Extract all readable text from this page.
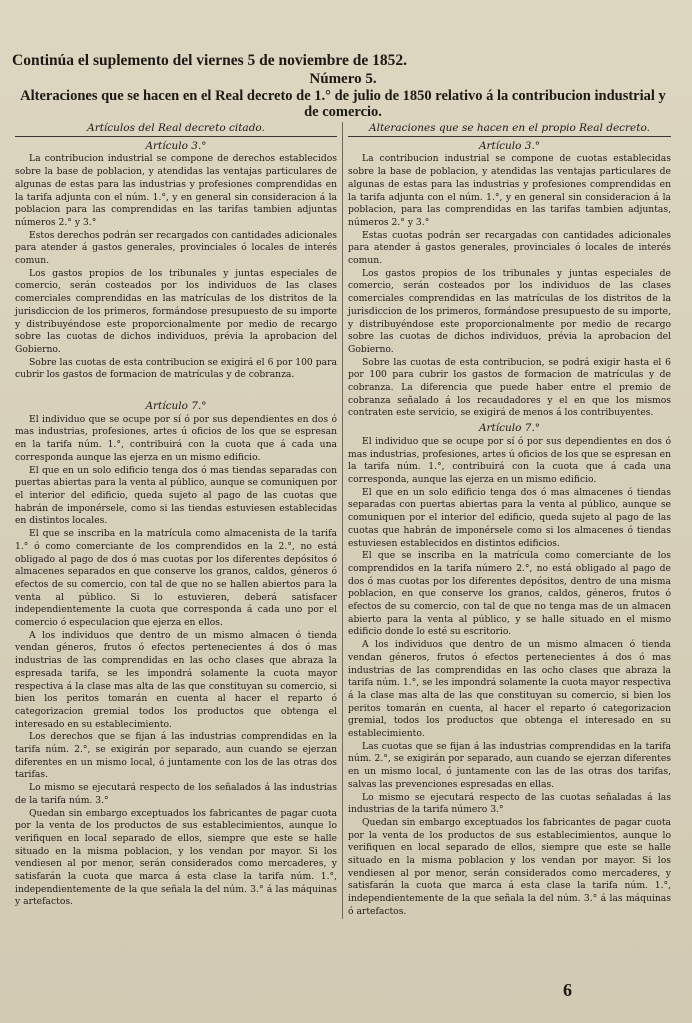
Continúa el suplemento del viernes 5 de noviembre de 1852.
Número 5.
Alteraciones que se hacen en el Real decreto de 1.° de julio de 1850 relativo á la contribucion industrial y de comercio.
Artículos del Real decreto citado.
Artículo 3.°

La contribucion industrial se compone de derechos establecidos sobre la base de poblacion, y atendidas las ventajas particulares de algunas de estas para las industrias y profesiones comprendidas en la tarifa adjunta con el núm. 1.°, y en general sin consideracion á la poblacion para las comprendidas en las tarifas tambien adjuntas números 2.° y 3.°

Estos derechos podrán ser recargados con cantidades adicionales para atender á gastos generales, provinciales ó locales de interés comun.

Los gastos propios de los tribunales y juntas especiales de comercio, serán costeados por los individuos de las clases comerciales comprendidas en las matrículas de los distritos de la jurisdiccion de los primeros, formándose presupuesto de su importe y distribuyéndose este proporcionalmente por medio de recargo sobre las cuotas de dichos individuos, prévia la aprobacion del Gobierno.

Sobre las cuotas de esta contribucion se exigirá el 6 por 100 para cubrir los gastos de formacion de matrículas y de cobranza.

Artículo 7.°

El individuo que se ocupe por sí ó por sus dependientes en dos ó mas industrias, profesiones, artes ú oficios de los que se espresan en la tarifa núm. 1.°, contribuirá con la cuota que á cada una corresponda aunque las ejerza en un mismo edificio.

El que en un solo edificio tenga dos ó mas tiendas separadas con puertas abiertas para la venta al público, aunque se comuniquen por el interior del edificio, queda sujeto al pago de las cuotas que habrán de imponérsele, como si las tiendas estuviesen establecidas en distintos locales.

El que se inscriba en la matrícula como almacenista de la tarifa 1.° ó como comerciante de los comprendidos en la 2.°, no está obligado al pago de dos ó mas cuotas por los diferentes depósitos ó almacenes separados en que conserve los granos, caldos, géneros ó efectos de su comercio, con tal de que no se hallen abiertos para la venta al público. Si lo estuvieren, deberá satisfacer independientemente la cuota que corresponda á cada uno por el comercio ó especulacion que ejerza en ellos.

A los individuos que dentro de un mismo almacen ó tienda vendan géneros, frutos ó efectos pertenecientes á dos ó mas industrias de las comprendidas en las ocho clases que abraza la espresada tarifa, se les impondrá solamente la cuota mayor respectiva á la clase mas alta de las que constituyan su comercio, si bien los peritos tomarán en cuenta al hacer el reparto ó categorizacion gremial todos los productos que obtenga el interesado en su establecimiento.

Los derechos que se fijan á las industrias comprendidas en la tarifa núm. 2.°, se exigirán por separado, aun cuando se ejerzan diferentes en un mismo local, ó juntamente con los de las otras dos tarifas.

Lo mismo se ejecutará respecto de los señalados á las industrias de la tarifa núm. 3.°

Quedan sin embargo exceptuados los fabricantes de pagar cuota por la venta de los productos de sus establecimientos, aunque lo verifiquen en local separado de ellos, siempre que este se halle situado en la misma poblacion, y los vendan por mayor. Si los vendiesen al por menor, serán considerados como mercaderes, y satisfarán la cuota que marca á esta clase la tarifa núm. 1.°, independientemente de la que señala la del núm. 3.° á las máquinas y artefactos.

Alteraciones que se hacen en el propio Real decreto.
Artículo 3.°

La contribucion industrial se compone de cuotas establecidas sobre la base de poblacion, y atendidas las ventajas particulares de algunas de estas para las industrias y profesiones comprendidas en la tarifa adjunta con el núm. 1.°, y en general sin consideracion á la poblacion, para las comprendidas en las tarifas tambien adjuntas, números 2.° y 3.°

Estas cuotas podrán ser recargadas con cantidades adicionales para atender á gastos generales, provinciales ó locales de interés comun.

Los gastos propios de los tribunales y juntas especiales de comercio, serán costeados por los individuos de las clases comerciales comprendidas en las matrículas de los distritos de la jurisdiccion de los primeros, formándose presupuesto de su importe, y distribuyéndose este proporcionalmente por medio de recargo sobre las cuotas de dichos individuos, prévia la aprobacion del Gobierno.

Sobre las cuotas de esta contribucion, se podrá exigir hasta el 6 por 100 para cubrir los gastos de formacion de matrículas y de cobranza. La diferencia que puede haber entre el premio de cobranza señalado á los recaudadores y el en que los mismos contraten este servicio, se exigirá de menos á los contribuyentes.

Artículo 7.°

El individuo que se ocupe por sí ó por sus dependientes en dos ó mas industrias, profesiones, artes ú oficios de los que se espresan en la tarifa núm. 1.°, contribuirá con la cuota que á cada una corresponda, aunque las ejerza en un mismo edificio.

El que en un solo edificio tenga dos ó mas almacenes ó tiendas separadas con puertas abiertas para la venta al público, aunque se comuniquen por el interior del edificio, queda sujeto al pago de las cuotas que habrán de imponérsele como si los almacenes ó tiendas estuviesen establecidos en distintos edificios.

El que se inscriba en la matrícula como comerciante de los comprendidos en la tarifa número 2.°, no está obligado al pago de dos ó mas cuotas por los diferentes depósitos, dentro de una misma poblacion, en que conserve los granos, caldos, géneros, frutos ó efectos de su comercio, con tal de que no tenga mas de un almacen abierto para la venta al público, y se halle situado en el mismo edificio donde lo esté su escritorio.

A los individuos que dentro de un mismo almacen ó tienda vendan géneros, frutos ó efectos pertenecientes á dos ó mas industrias de las comprendidas en las ocho clases que abraza la tarifa núm. 1.°, se les impondrá solamente la cuota mayor respectiva á la clase mas alta de las que constituyan su comercio, si bien los peritos tomarán en cuenta, al hacer el reparto ó categorizacion gremial, todos los productos que obtenga el interesado en su establecimiento.

Las cuotas que se fijan á las industrias comprendidas en la tarifa núm. 2.°, se exigirán por separado, aun cuando se ejerzan diferentes en un mismo local, ó juntamente con las de las otras dos tarifas, salvas las prevenciones espresadas en ellas.

Lo mismo se ejecutará respecto de las cuotas señaladas á las industrias de la tarifa número 3.°

Quedan sin embargo exceptuados los fabricantes de pagar cuota por la venta de los productos de sus establecimientos, aunque lo verifiquen en local separado de ellos, siempre que este se halle situado en la misma poblacion y los vendan por mayor. Si los vendiesen al por menor, serán considerados como mercaderes, y satisfarán la cuota que marca á esta clase la tarifa núm. 1.°, independientemente de la que señala la del núm. 3.° á las máquinas ó artefactos.

6
